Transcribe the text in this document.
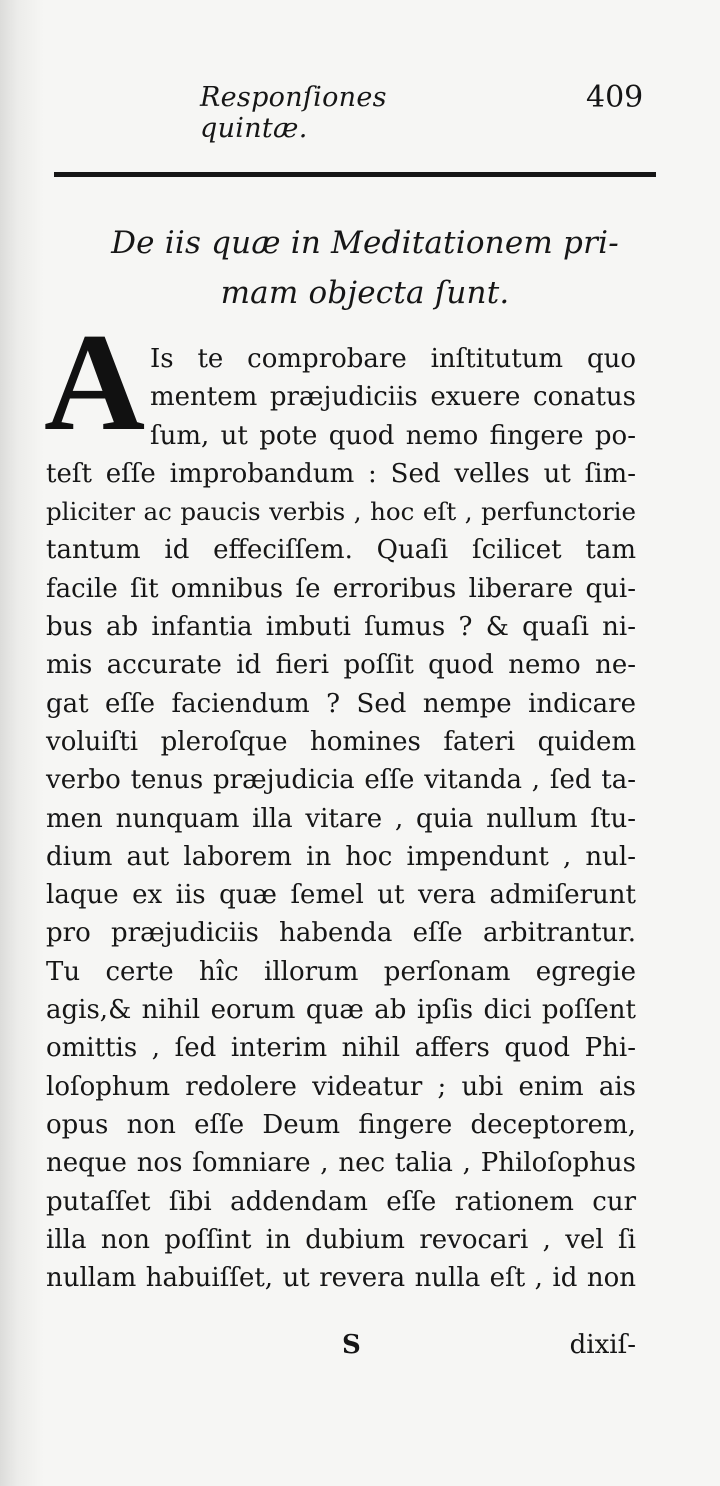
Responſiones quintæ.
409
De iis quæ in Meditationem pri-
mam objecta ſunt.
A Is te comprobare inſtitutum quo
mentem præjudiciis exuere conatus
ſum, ut pote quod nemo fingere po-
teſt eſſe improbandum : Sed velles ut ſim-
pliciter ac paucis verbis , hoc eſt , perfunctorie
tantum id effeciſſem. Quaſi ſcilicet tam
facile ſit omnibus ſe erroribus liberare qui-
bus ab infantia imbuti ſumus ? & quaſi ni-
mis accurate id fieri poſſit quod nemo ne-
gat eſſe faciendum ? Sed nempe indicare
voluiſti pleroſque homines fateri quidem
verbo tenus præjudicia eſſe vitanda , ſed ta-
men nunquam illa vitare , quia nullum ſtu-
dium aut laborem in hoc impendunt , nul-
laque ex iis quæ ſemel ut vera admiſerunt
pro præjudiciis habenda eſſe arbitrantur.
Tu certe hîc illorum perſonam egregie
agis,& nihil eorum quæ ab ipſis dici poſſent
omittis , ſed interim nihil affers quod Phi-
loſophum redolere videatur ; ubi enim ais
opus non eſſe Deum fingere deceptorem,
neque nos ſomniare , nec talia , Philoſophus
putaſſet ſibi addendam eſſe rationem cur
illa non poſſint in dubium revocari , vel ſi
nullam habuiſſet, ut revera nulla eſt , id non
S	dixiſ-
